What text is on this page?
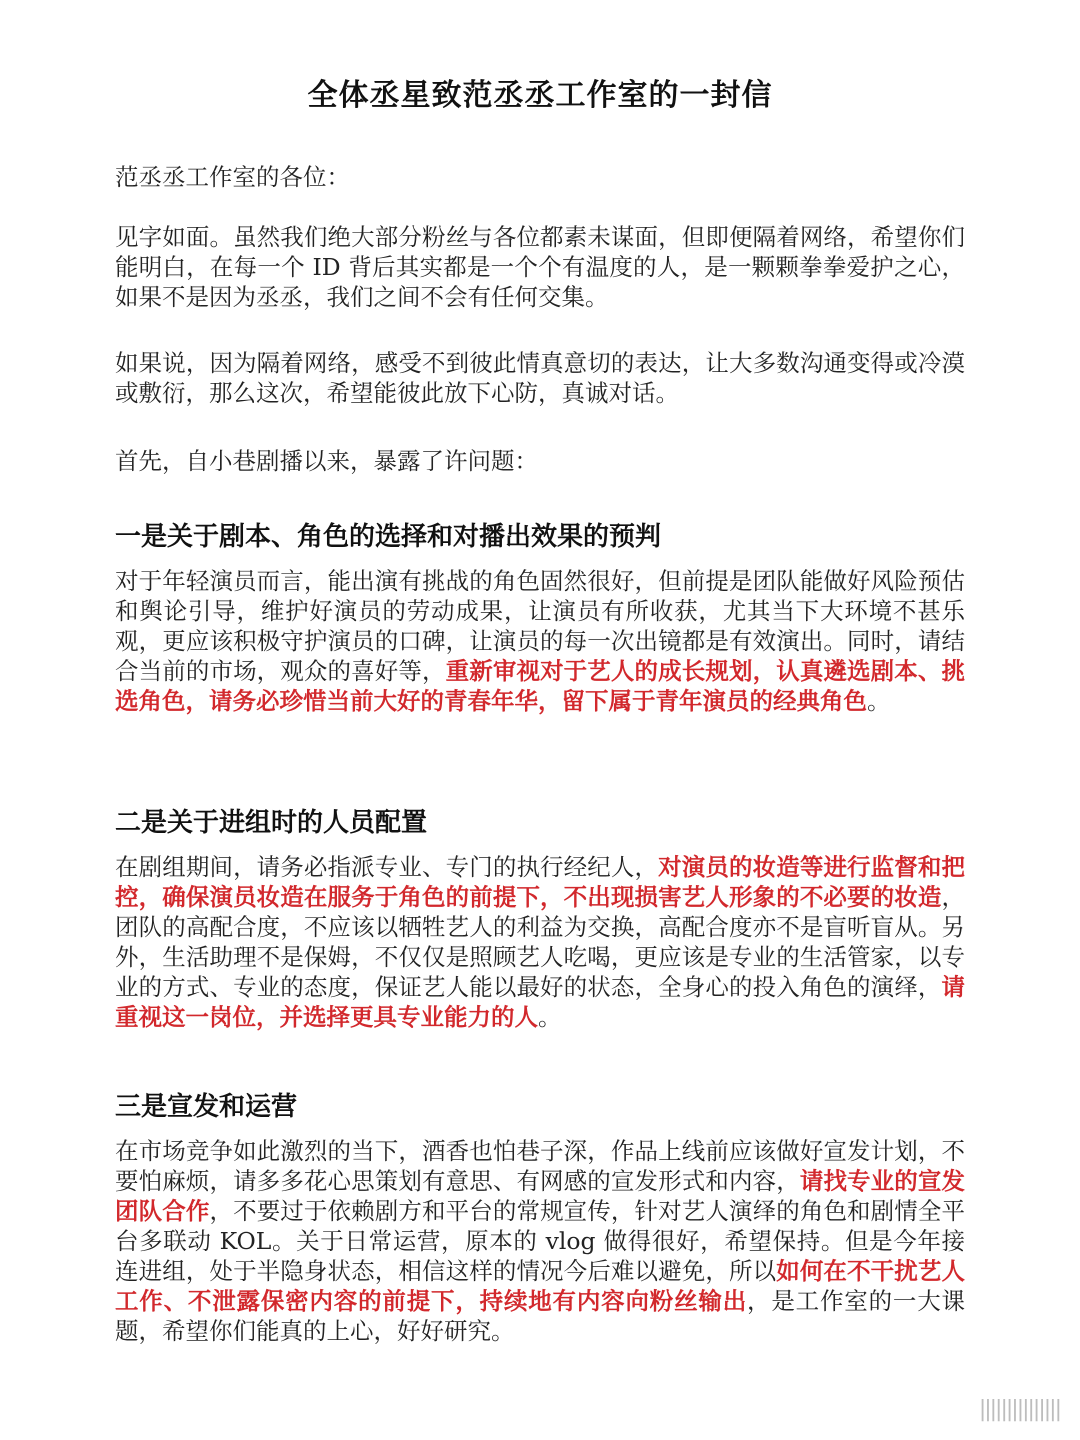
全体丞星致范丞丞工作室的一封信

范丞丞工作室的各位：

见字如面。虽然我们绝大部分粉丝与各位都素未谋面，但即便隔着网络，希望你们能明白，在每一个 ID 背后其实都是一个个有温度的人，是一颗颗拳拳爱护之心，如果不是因为丞丞，我们之间不会有任何交集。

如果说，因为隔着网络，感受不到彼此情真意切的表达，让大多数沟通变得或冷漠或敷衍，那么这次，希望能彼此放下心防，真诚对话。

首先，自小巷剧播以来，暴露了许问题：

一是关于剧本、角色的选择和对播出效果的预判

对于年轻演员而言，能出演有挑战的角色固然很好，但前提是团队能做好风险预估和舆论引导，维护好演员的劳动成果，让演员有所收获，尤其当下大环境不甚乐观，更应该积极守护演员的口碑，让演员的每一次出镜都是有效演出。同时，请结合当前的市场，观众的喜好等，重新审视对于艺人的成长规划，认真遴选剧本、挑选角色，请务必珍惜当前大好的青春年华，留下属于青年演员的经典角色。

二是关于进组时的人员配置

在剧组期间，请务必指派专业、专门的执行经纪人，对演员的妆造等进行监督和把控，确保演员妆造在服务于角色的前提下，不出现损害艺人形象的不必要的妆造，团队的高配合度，不应该以牺牲艺人的利益为交换，高配合度亦不是盲听盲从。另外，生活助理不是保姆，不仅仅是照顾艺人吃喝，更应该是专业的生活管家，以专业的方式、专业的态度，保证艺人能以最好的状态，全身心的投入角色的演绎，请重视这一岗位，并选择更具专业能力的人。

三是宣发和运营

在市场竞争如此激烈的当下，酒香也怕巷子深，作品上线前应该做好宣发计划，不要怕麻烦，请多多花心思策划有意思、有网感的宣发形式和内容，请找专业的宣发团队合作，不要过于依赖剧方和平台的常规宣传，针对艺人演绎的角色和剧情全平台多联动 KOL。关于日常运营，原本的 vlog 做得很好，希望保持。但是今年接连进组，处于半隐身状态，相信这样的情况今后难以避免，所以如何在不干扰艺人工作、不泄露保密内容的前提下，持续地有内容向粉丝输出，是工作室的一大课题，希望你们能真的上心，好好研究。

|||||||||||||||
